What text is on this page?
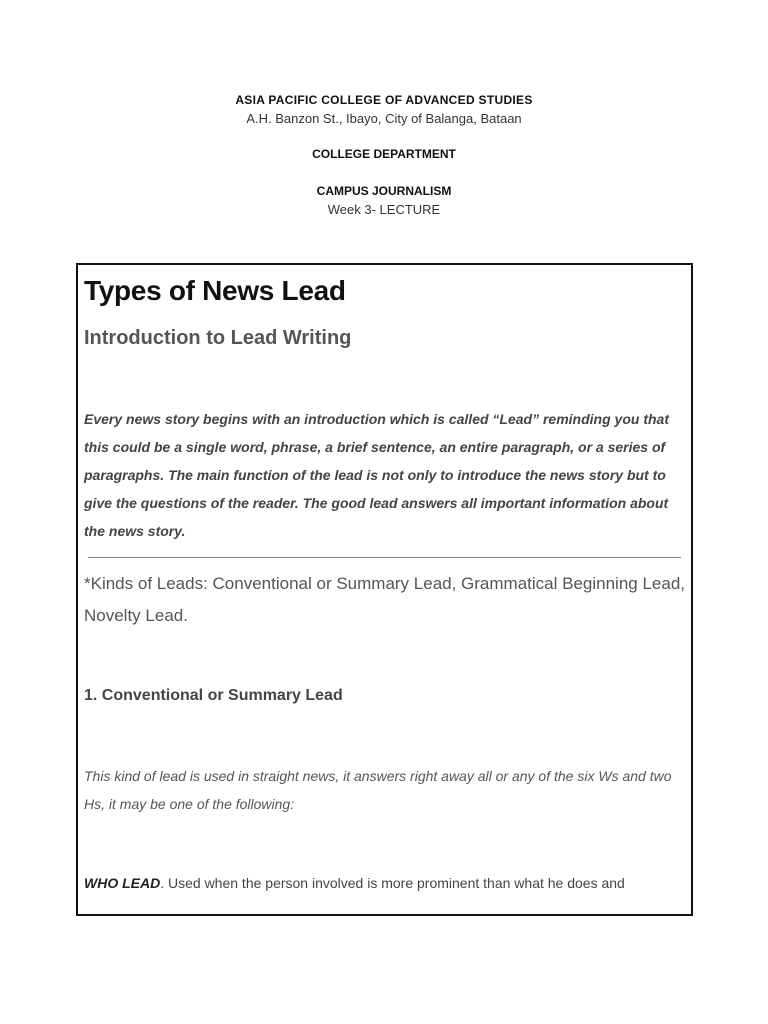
ASIA PACIFIC COLLEGE OF ADVANCED STUDIES
A.H. Banzon St., Ibayo, City of Balanga, Bataan
COLLEGE DEPARTMENT
CAMPUS JOURNALISM
Week 3- LECTURE
Types of News Lead
Introduction to Lead Writing
Every news story begins with an introduction which is called “Lead” reminding you that this could be a single word, phrase, a brief sentence, an entire paragraph, or a series of paragraphs. The main function of the lead is not only to introduce the news story but to give the questions of the reader. The good lead answers all important information about the news story.
*Kinds of Leads: Conventional or Summary Lead, Grammatical Beginning Lead, Novelty Lead.
1. Conventional or Summary Lead
This kind of lead is used in straight news, it answers right away all or any of the six Ws and two Hs, it may be one of the following:
WHO LEAD. Used when the person involved is more prominent than what he does and
